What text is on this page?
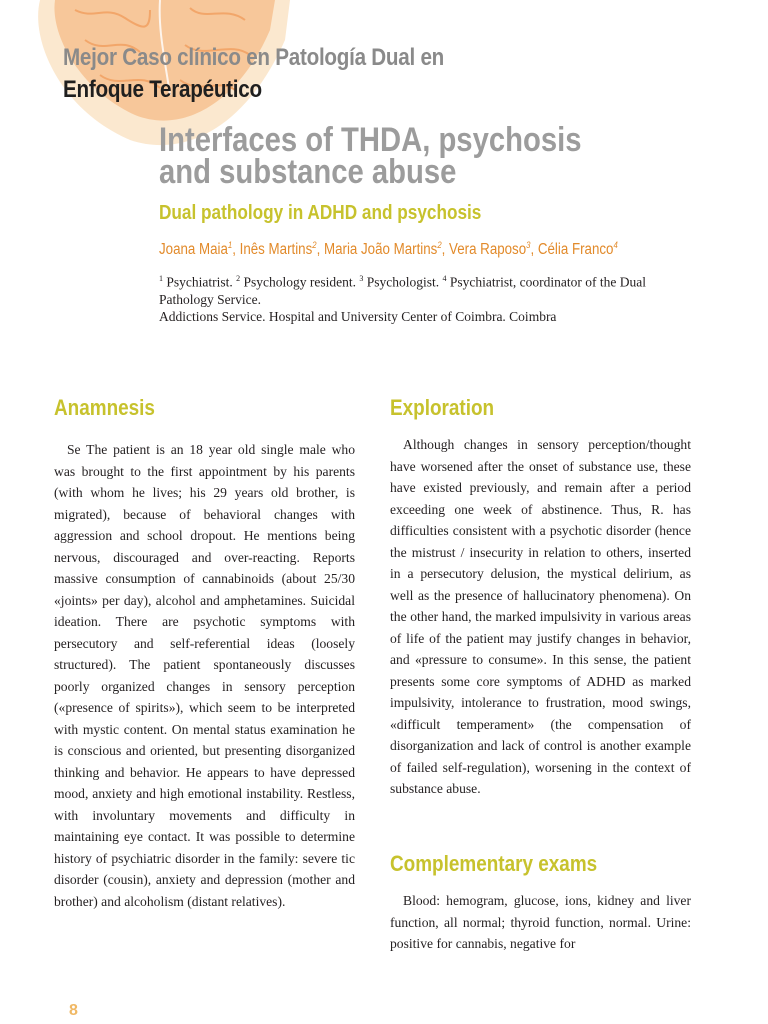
Mejor Caso clínico en Patología Dual en
Enfoque Terapéutico
Interfaces of THDA, psychosis and substance abuse
Dual pathology in ADHD and psychosis
Joana Maia$^1$, Inês Martins$^2$, Maria João Martins$^2$, Vera Raposo$^3$, Célia Franco$^4$
$^1$ Psychiatrist. $^2$ Psychology resident. $^3$ Psychologist. $^4$ Psychiatrist, coordinator of the Dual Pathology Service.
Addictions Service. Hospital and University Center of Coimbra. Coimbra
Anamnesis

Se The patient is an 18 year old single male who was brought to the first appointment by his parents (with whom he lives; his 29 years old brother, is migrated), because of behavioral changes with aggression and school dropout. He mentions being nervous, discouraged and over-reacting. Reports massive consumption of cannabinoids (about 25/30 «joints» per day), alcohol and amphetamines. Suicidal ideation. There are psychotic symptoms with persecutory and self-referential ideas (loosely structured). The patient spontaneously discusses poorly organized changes in sensory perception («presence of spirits»), which seem to be interpreted with mystic content. On mental status examination he is conscious and oriented, but presenting disorganized thinking and behavior. He appears to have depressed mood, anxiety and high emotional instability. Restless, with involuntary movements and difficulty in maintaining eye contact. It was possible to determine history of psychiatric disorder in the family: severe tic disorder (cousin), anxiety and depression (mother and brother) and alcoholism (distant relatives).

Exploration

Although changes in sensory perception/thought have worsened after the onset of substance use, these have existed previously, and remain after a period exceeding one week of abstinence. Thus, R. has difficulties consistent with a psychotic disorder (hence the mistrust / insecurity in relation to others, inserted in a persecutory delusion, the mystical delirium, as well as the presence of hallucinatory phenomena). On the other hand, the marked impulsivity in various areas of life of the patient may justify changes in behavior, and «pressure to consume». In this sense, the patient presents some core symptoms of ADHD as marked impulsivity, intolerance to frustration, mood swings, «difficult temperament» (the compensation of disorganization and lack of control is another example of failed self-regulation), worsening in the context of substance abuse.

Complementary exams

Blood: hemogram, glucose, ions, kidney and liver function, all normal; thyroid function, normal. Urine: positive for cannabis, negative for

8
